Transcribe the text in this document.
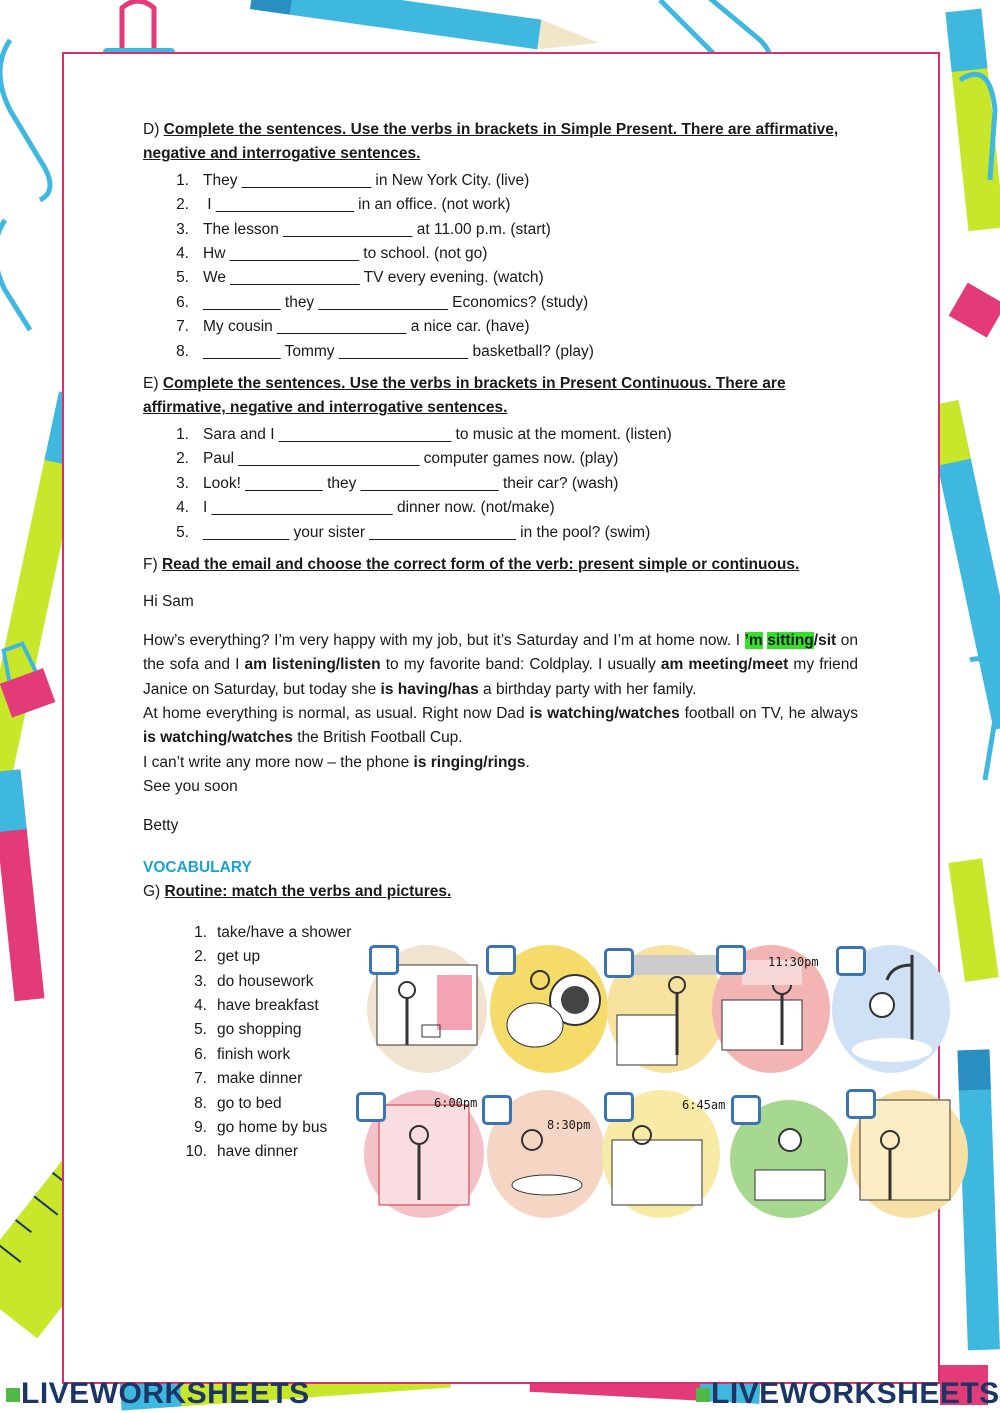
D) Complete the sentences. Use the verbs in brackets in Simple Present. There are affirmative, negative and interrogative sentences.

1. They _______________ in New York City. (live)
2. I ________________ in an office. (not work)
3. The lesson _______________ at 11.00 p.m. (start)
4. Hw _______________ to school. (not go)
5. We _______________ TV every evening. (watch)
6. _________ they _______________ Economics? (study)
7. My cousin _______________ a nice car. (have)
8. _________ Tommy _______________ basketball? (play)

E) Complete the sentences. Use the verbs in brackets in Present Continuous. There are affirmative, negative and interrogative sentences.

1. Sara and I ____________________ to music at the moment. (listen)
2. Paul _____________________ computer games now. (play)
3. Look! _________ they ________________ their car? (wash)
4. I _____________________ dinner now. (not/make)
5. __________ your sister _________________ in the pool? (swim)

F) Read the email and choose the correct form of the verb: present simple or continuous.

Hi Sam

How’s everything? I’m very happy with my job, but it’s Saturday and I’m at home now. I ’m sitting/sit on the sofa and I am listening/listen to my favorite band: Coldplay. I usually am meeting/meet my friend Janice on Saturday, but today she is having/has a birthday party with her family.

At home everything is normal, as usual. Right now Dad is watching/watches football on TV, he always is watching/watches the British Football Cup.

I can’t write any more now – the phone is ringing/rings.

See you soon

Betty

VOCABULARY

G) Routine: match the verbs and pictures.

1. take/have a shower
2. get up
3. do housework
4. have breakfast
5. go shopping
6. finish work
7. make dinner
8. go to bed
9. go home by bus
10. have dinner
11:30pm
6:00pm
8:30pm
6:45am
LIVEWORKSHEETS	LIVEWORKSHEETS
